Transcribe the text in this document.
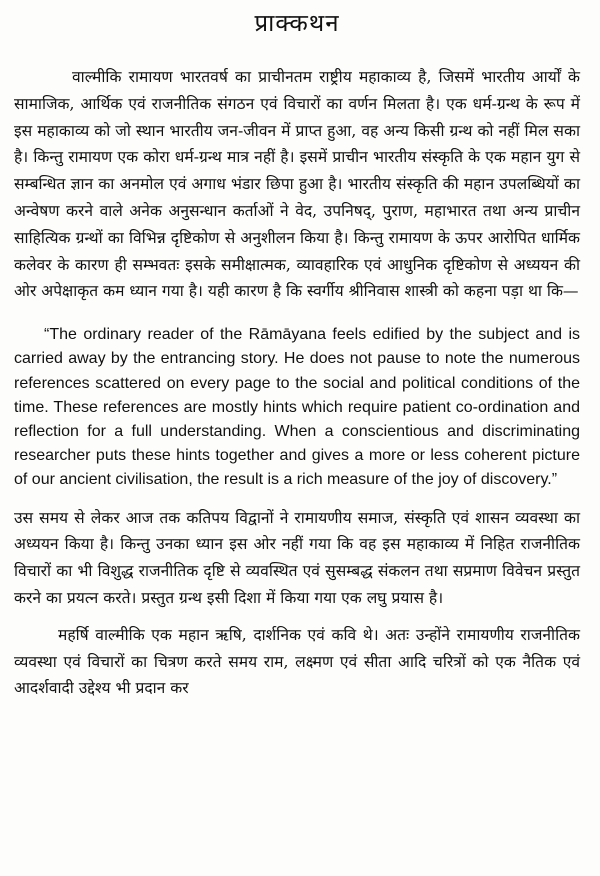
प्राक्कथन

वाल्मीकि रामायण भारतवर्ष का प्राचीनतम राष्ट्रीय महाकाव्य है, जिसमें भारतीय आर्यों के सामाजिक, आर्थिक एवं राजनीतिक संगठन एवं विचारों का वर्णन मिलता है। एक धर्म-ग्रन्थ के रूप में इस महाकाव्य को जो स्थान भारतीय जन-जीवन में प्राप्त हुआ, वह अन्य किसी ग्रन्थ को नहीं मिल सका है। किन्तु रामायण एक कोरा धर्म-ग्रन्थ मात्र नहीं है। इसमें प्राचीन भारतीय संस्कृति के एक महान युग से सम्बन्धित ज्ञान का अनमोल एवं अगाध भंडार छिपा हुआ है। भारतीय संस्कृति की महान उपलब्धियों का अन्वेषण करने वाले अनेक अनुसन्धान कर्ताओं ने वेद, उपनिषद्, पुराण, महाभारत तथा अन्य प्राचीन साहित्यिक ग्रन्थों का विभिन्न दृष्टिकोण से अनुशीलन किया है। किन्तु रामायण के ऊपर आरोपित धार्मिक कलेवर के कारण ही सम्भवतः इसके समीक्षात्मक, व्यावहारिक एवं आधुनिक दृष्टिकोण से अध्ययन की ओर अपेक्षाकृत कम ध्यान गया है। यही कारण है कि स्वर्गीय श्रीनिवास शास्त्री को कहना पड़ा था कि—

“The ordinary reader of the Rāmāyana feels edified by the subject and is carried away by the entrancing story. He does not pause to note the numerous references scattered on every page to the social and political conditions of the time. These references are mostly hints which require patient co-ordination and reflection for a full understanding. When a conscientious and discriminating researcher puts these hints together and gives a more or less coherent picture of our ancient civilisation, the result is a rich measure of the joy of discovery.”

उस समय से लेकर आज तक कतिपय विद्वानों ने रामायणीय समाज, संस्कृति एवं शासन व्यवस्था का अध्ययन किया है। किन्तु उनका ध्यान इस ओर नहीं गया कि वह इस महाकाव्य में निहित राजनीतिक विचारों का भी विशुद्ध राजनीतिक दृष्टि से व्यवस्थित एवं सुसम्बद्ध संकलन तथा सप्रमाण विवेचन प्रस्तुत करने का प्रयत्न करते। प्रस्तुत ग्रन्थ इसी दिशा में किया गया एक लघु प्रयास है।

महर्षि वाल्मीकि एक महान ऋषि, दार्शनिक एवं कवि थे। अतः उन्होंने रामायणीय राजनीतिक व्यवस्था एवं विचारों का चित्रण करते समय राम, लक्ष्मण एवं सीता आदि चरित्रों को एक नैतिक एवं आदर्शवादी उद्देश्य भी प्रदान कर
